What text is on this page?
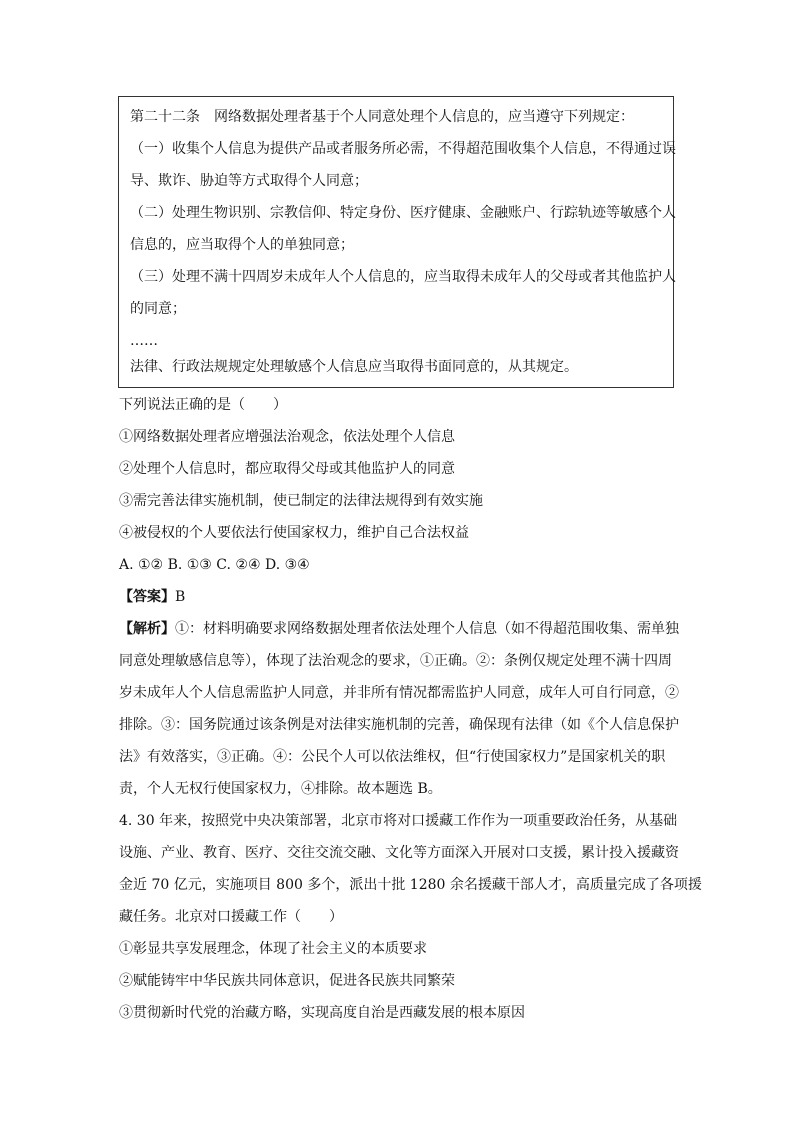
第二十二条　网络数据处理者基于个人同意处理个人信息的，应当遵守下列规定：
（一）收集个人信息为提供产品或者服务所必需，不得超范围收集个人信息，不得通过误
导、欺诈、胁迫等方式取得个人同意；
（二）处理生物识别、宗教信仰、特定身份、医疗健康、金融账户、行踪轨迹等敏感个人
信息的，应当取得个人的单独同意；
（三）处理不满十四周岁未成年人个人信息的，应当取得未成年人的父母或者其他监护人
的同意；
……
法律、行政法规规定处理敏感个人信息应当取得书面同意的，从其规定。
下列说法正确的是（　　）
①网络数据处理者应增强法治观念，依法处理个人信息
②处理个人信息时，都应取得父母或其他监护人的同意
③需完善法律实施机制，使已制定的法律法规得到有效实施
④被侵权的个人要依法行使国家权力，维护自己合法权益
A. ①② B. ①③ C. ②④ D. ③④
【答案】B
【解析】①：材料明确要求网络数据处理者依法处理个人信息（如不得超范围收集、需单独
同意处理敏感信息等），体现了法治观念的要求，①正确。②：条例仅规定处理不满十四周
岁未成年人个人信息需监护人同意，并非所有情况都需监护人同意，成年人可自行同意，②
排除。③：国务院通过该条例是对法律实施机制的完善，确保现有法律（如《个人信息保护
法》有效落实，③正确。④：公民个人可以依法维权，但“行使国家权力”是国家机关的职
责，个人无权行使国家权力，④排除。故本题选 B。
4. 30 年来，按照党中央决策部署，北京市将对口援藏工作作为一项重要政治任务，从基础
设施、产业、教育、医疗、交往交流交融、文化等方面深入开展对口支援，累计投入援藏资
金近 70 亿元，实施项目 800 多个，派出十批 1280 余名援藏干部人才，高质量完成了各项援
藏任务。北京对口援藏工作（　　）
①彰显共享发展理念，体现了社会主义的本质要求
②赋能铸牢中华民族共同体意识，促进各民族共同繁荣
③贯彻新时代党的治藏方略，实现高度自治是西藏发展的根本原因
